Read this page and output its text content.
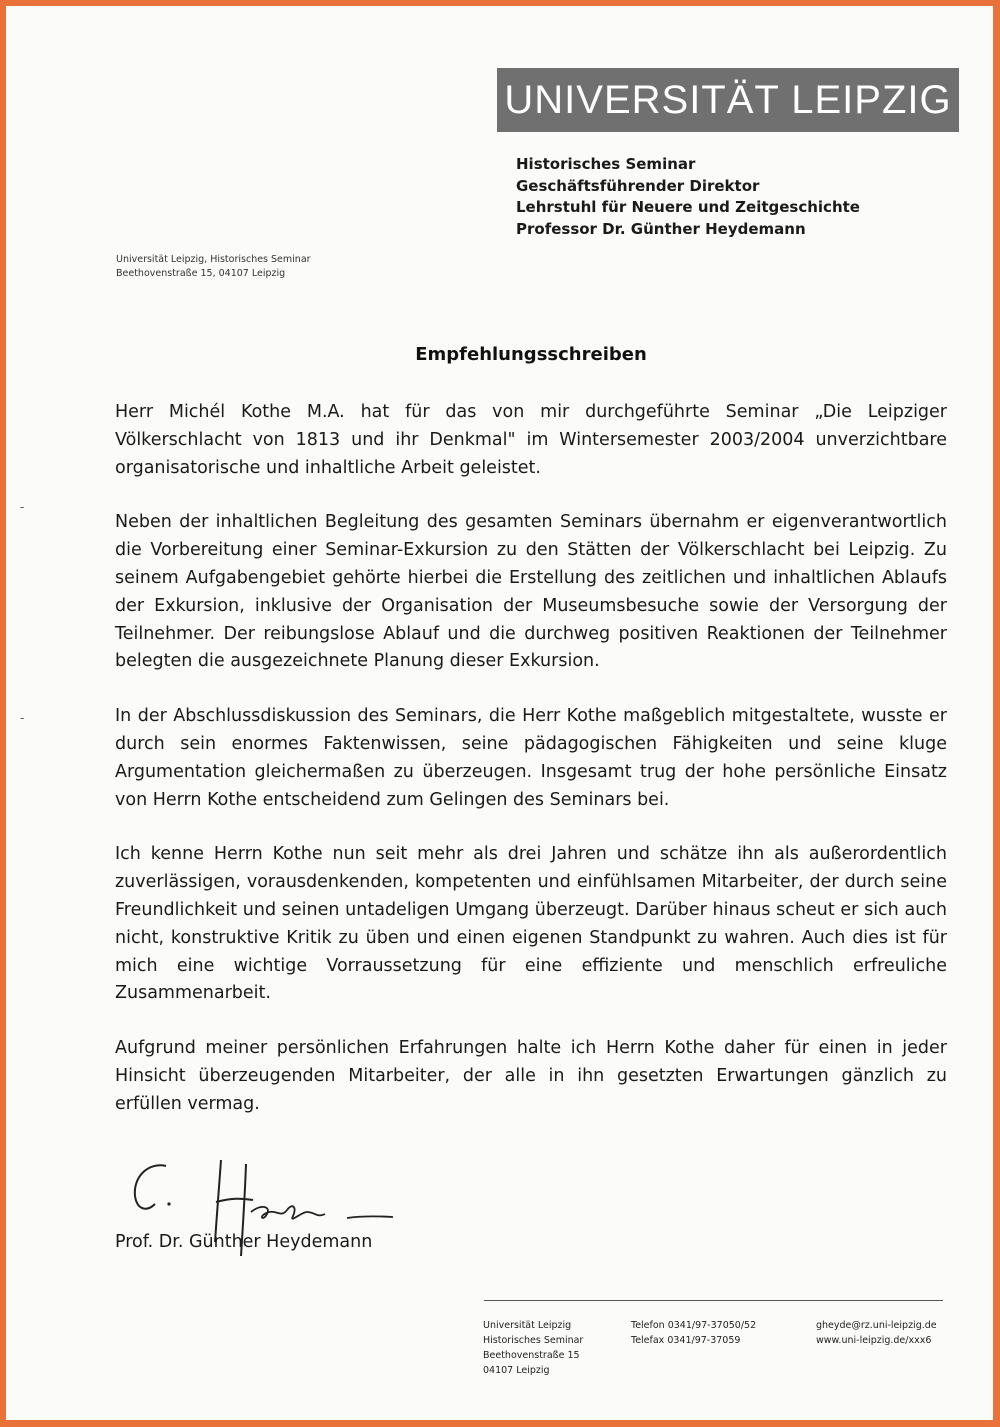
UNIVERSITÄT LEIPZIG
Historisches Seminar
Geschäftsführender Direktor
Lehrstuhl für Neuere und Zeitgeschichte
Professor Dr. Günther Heydemann
Universität Leipzig, Historisches Seminar
Beethovenstraße 15, 04107 Leipzig
Empfehlungsschreiben
-
-

Herr Michél Kothe M.A. hat für das von mir durchgeführte Seminar „Die Leipziger Völkerschlacht von 1813 und ihr Denkmal" im Wintersemester 2003/2004 unverzichtbare organisatorische und inhaltliche Arbeit geleistet.

Neben der inhaltlichen Begleitung des gesamten Seminars übernahm er eigenverantwortlich die Vorbereitung einer Seminar-Exkursion zu den Stätten der Völkerschlacht bei Leipzig. Zu seinem Aufgabengebiet gehörte hierbei die Erstellung des zeitlichen und inhaltlichen Ablaufs der Exkursion, inklusive der Organisation der Museumsbesuche sowie der Versorgung der Teilnehmer. Der reibungslose Ablauf und die durchweg positiven Reaktionen der Teilnehmer belegten die ausgezeichnete Planung dieser Exkursion.

In der Abschlussdiskussion des Seminars, die Herr Kothe maßgeblich mitgestaltete, wusste er durch sein enormes Faktenwissen, seine pädagogischen Fähigkeiten und seine kluge Argumentation gleichermaßen zu überzeugen. Insgesamt trug der hohe persönliche Einsatz von Herrn Kothe entscheidend zum Gelingen des Seminars bei.

Ich kenne Herrn Kothe nun seit mehr als drei Jahren und schätze ihn als außerordentlich zuverlässigen, vorausdenkenden, kompetenten und einfühlsamen Mitarbeiter, der durch seine Freundlichkeit und seinen untadeligen Umgang überzeugt. Darüber hinaus scheut er sich auch nicht, konstruktive Kritik zu üben und einen eigenen Standpunkt zu wahren. Auch dies ist für mich eine wichtige Vorraussetzung für eine effiziente und menschlich erfreuliche Zusammenarbeit.

Aufgrund meiner persönlichen Erfahrungen halte ich Herrn Kothe daher für einen in jeder Hinsicht überzeugenden Mitarbeiter, der alle in ihn gesetzten Erwartungen gänzlich zu erfüllen vermag.

Prof. Dr. Günther Heydemann
Universität Leipzig
Historisches Seminar
Beethovenstraße 15
04107 Leipzig
Telefon 0341/97-37050/52
Telefax 0341/97-37059
gheyde@rz.uni-leipzig.de
www.uni-leipzig.de/xxx6
